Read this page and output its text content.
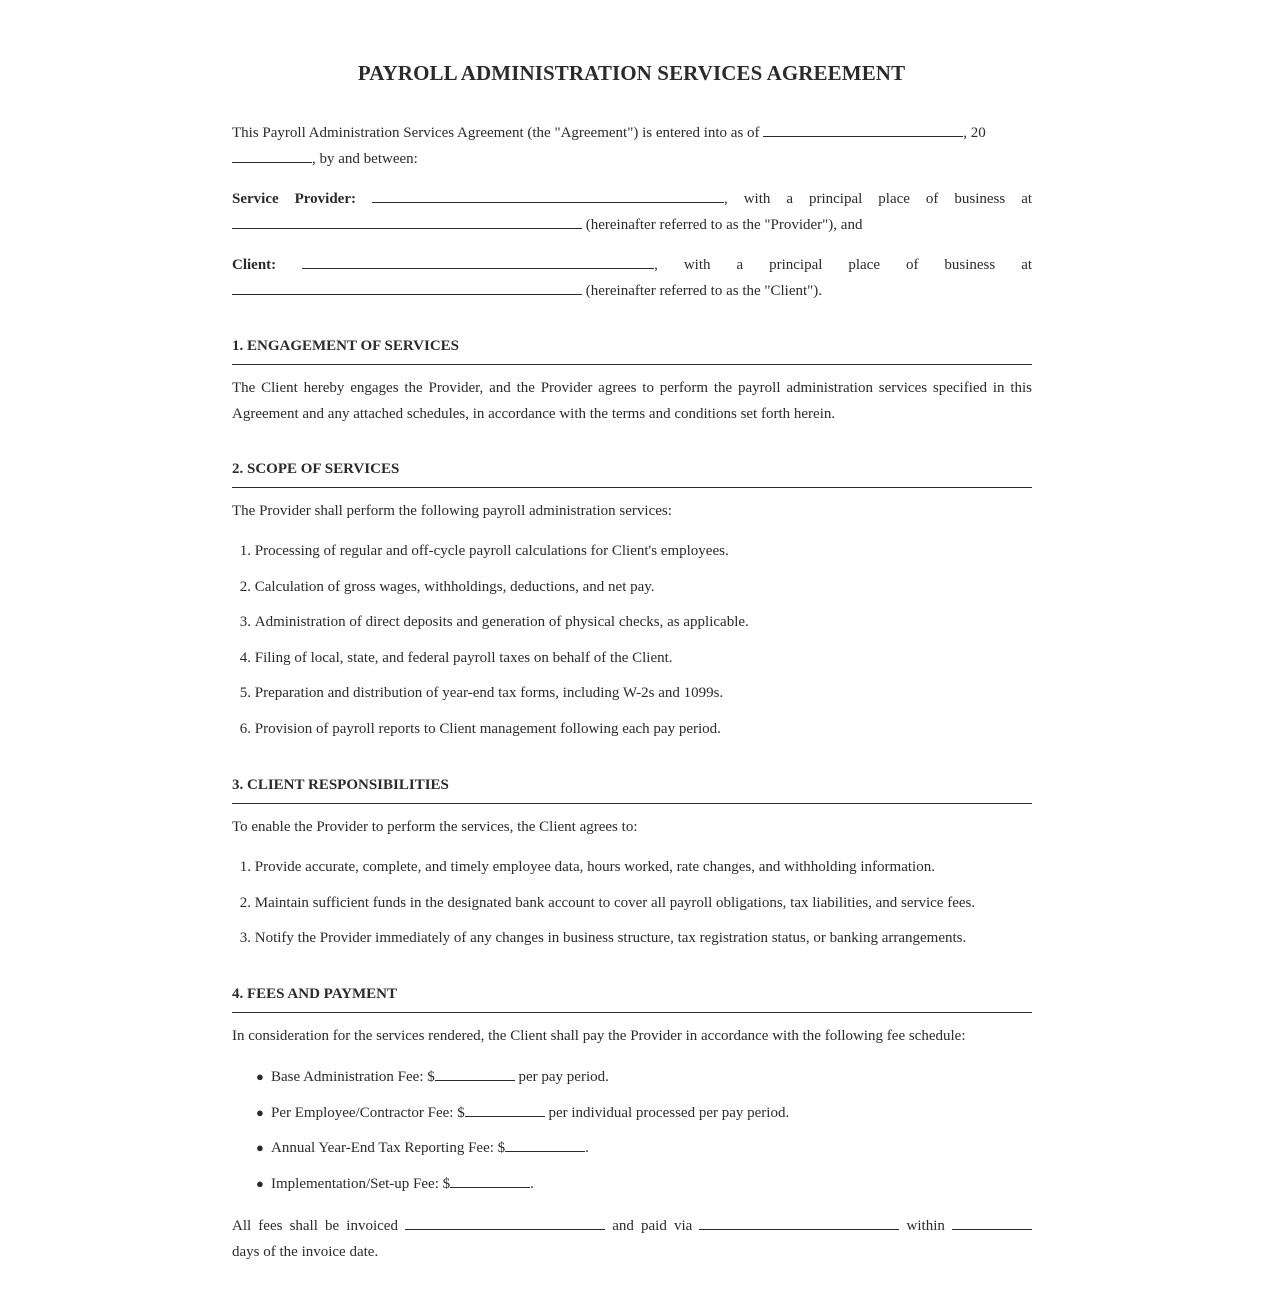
PAYROLL ADMINISTRATION SERVICES AGREEMENT

This Payroll Administration Services Agreement (the "Agreement") is entered into as of	, 20
, by and between:

Service Provider:	, with a principal place of business at
(hereinafter referred to as the "Provider"), and
Client:	, with a principal place of business at
(hereinafter referred to as the "Client").
1. ENGAGEMENT OF SERVICES

The Client hereby engages the Provider, and the Provider agrees to perform the payroll administration services specified in this Agreement and any attached schedules, in accordance with the terms and conditions set forth herein.

2. SCOPE OF SERVICES

The Provider shall perform the following payroll administration services:

1. Processing of regular and off-cycle payroll calculations for Client's employees.
2. Calculation of gross wages, withholdings, deductions, and net pay.
3. Administration of direct deposits and generation of physical checks, as applicable.
4. Filing of local, state, and federal payroll taxes on behalf of the Client.
5. Preparation and distribution of year-end tax forms, including W-2s and 1099s.
6. Provision of payroll reports to Client management following each pay period.
3. CLIENT RESPONSIBILITIES

To enable the Provider to perform the services, the Client agrees to:

1. Provide accurate, complete, and timely employee data, hours worked, rate changes, and withholding information.
2. Maintain sufficient funds in the designated bank account to cover all payroll obligations, tax liabilities, and service fees.
3. Notify the Provider immediately of any changes in business structure, tax registration status, or banking arrangements.
4. FEES AND PAYMENT

In consideration for the services rendered, the Client shall pay the Provider in accordance with the following fee schedule:

● Base Administration Fee: $	per pay period.
● Per Employee/Contractor Fee: $	per individual processed per pay period.
● Annual Year-End Tax Reporting Fee: $	.
● Implementation/Set-up Fee: $	.
All fees shall be invoiced	and paid via	within
days of the invoice date.
